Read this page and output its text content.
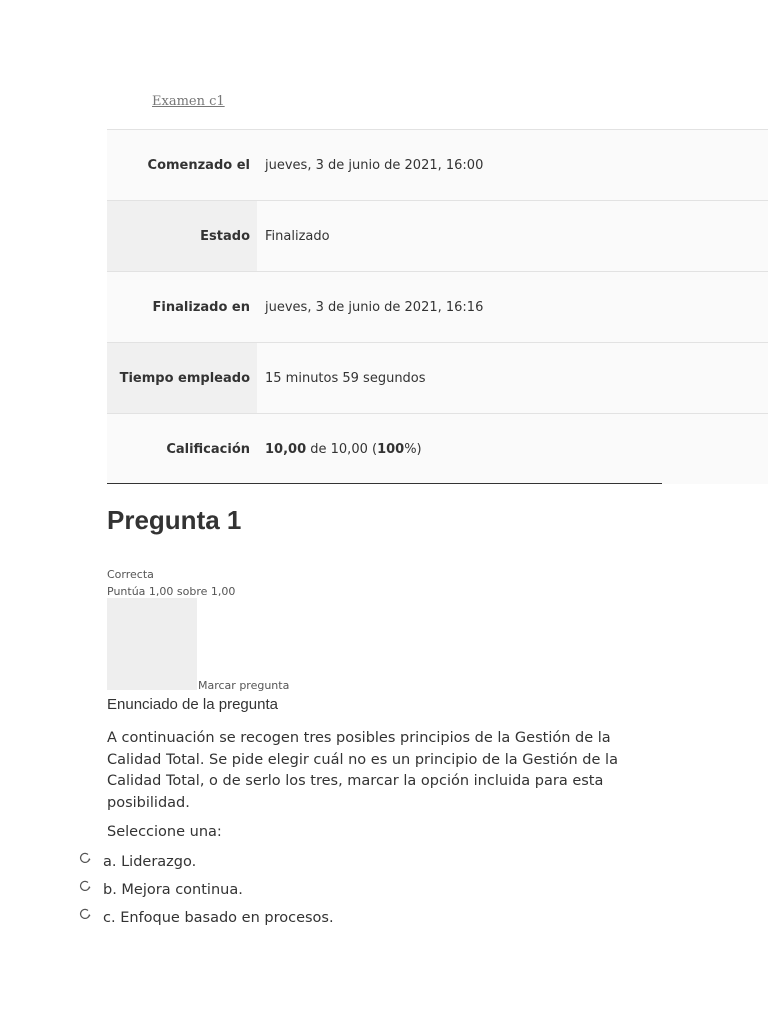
Examen c1
Comenzado el	jueves, 3 de junio de 2021, 16:00
Estado	Finalizado
Finalizado en	jueves, 3 de junio de 2021, 16:16
Tiempo empleado	15 minutos 59 segundos
Calificación	10,00 de 10,00 ( 100 %)
Pregunta 1
Correcta
Puntúa 1,00 sobre 1,00
Marcar pregunta
Enunciado de la pregunta
A continuación se recogen tres posibles principios de la Gestión de la Calidad Total. Se pide elegir cuál no es un principio de la Gestión de la Calidad Total, o de serlo los tres, marcar la opción incluida para esta posibilidad.
Seleccione una:
a. Liderazgo.
b. Mejora continua.
c. Enfoque basado en procesos.
